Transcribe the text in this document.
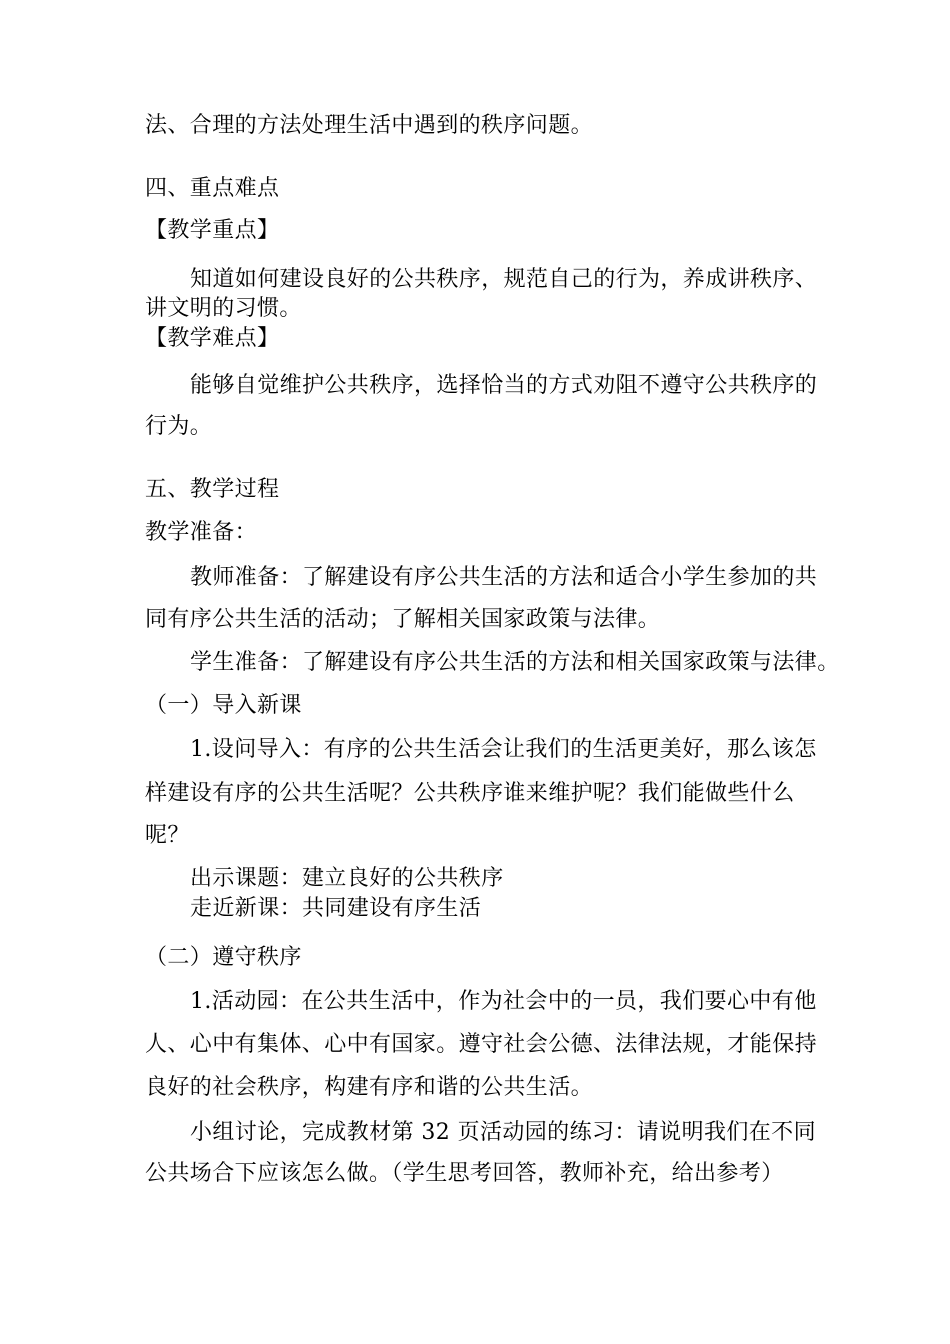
法、合理的方法处理生活中遇到的秩序问题。
四、重点难点
【教学重点】
知道如何建设良好的公共秩序，规范自己的行为，养成讲秩序、
讲文明的习惯。
【教学难点】
能够自觉维护公共秩序，选择恰当的方式劝阻不遵守公共秩序的
行为。
五、教学过程
教学准备：
教师准备：了解建设有序公共生活的方法和适合小学生参加的共
同有序公共生活的活动；了解相关国家政策与法律。
学生准备：了解建设有序公共生活的方法和相关国家政策与法律。
（一）导入新课
1.设问导入：有序的公共生活会让我们的生活更美好，那么该怎
样建设有序的公共生活呢？公共秩序谁来维护呢？我们能做些什么
呢？
出示课题：建立良好的公共秩序
走近新课：共同建设有序生活
（二）遵守秩序
1.活动园：在公共生活中，作为社会中的一员，我们要心中有他
人、心中有集体、心中有国家。遵守社会公德、法律法规，才能保持
良好的社会秩序，构建有序和谐的公共生活。
小组讨论，完成教材第 32 页活动园的练习：请说明我们在不同
公共场合下应该怎么做。（学生思考回答，教师补充，给出参考）
